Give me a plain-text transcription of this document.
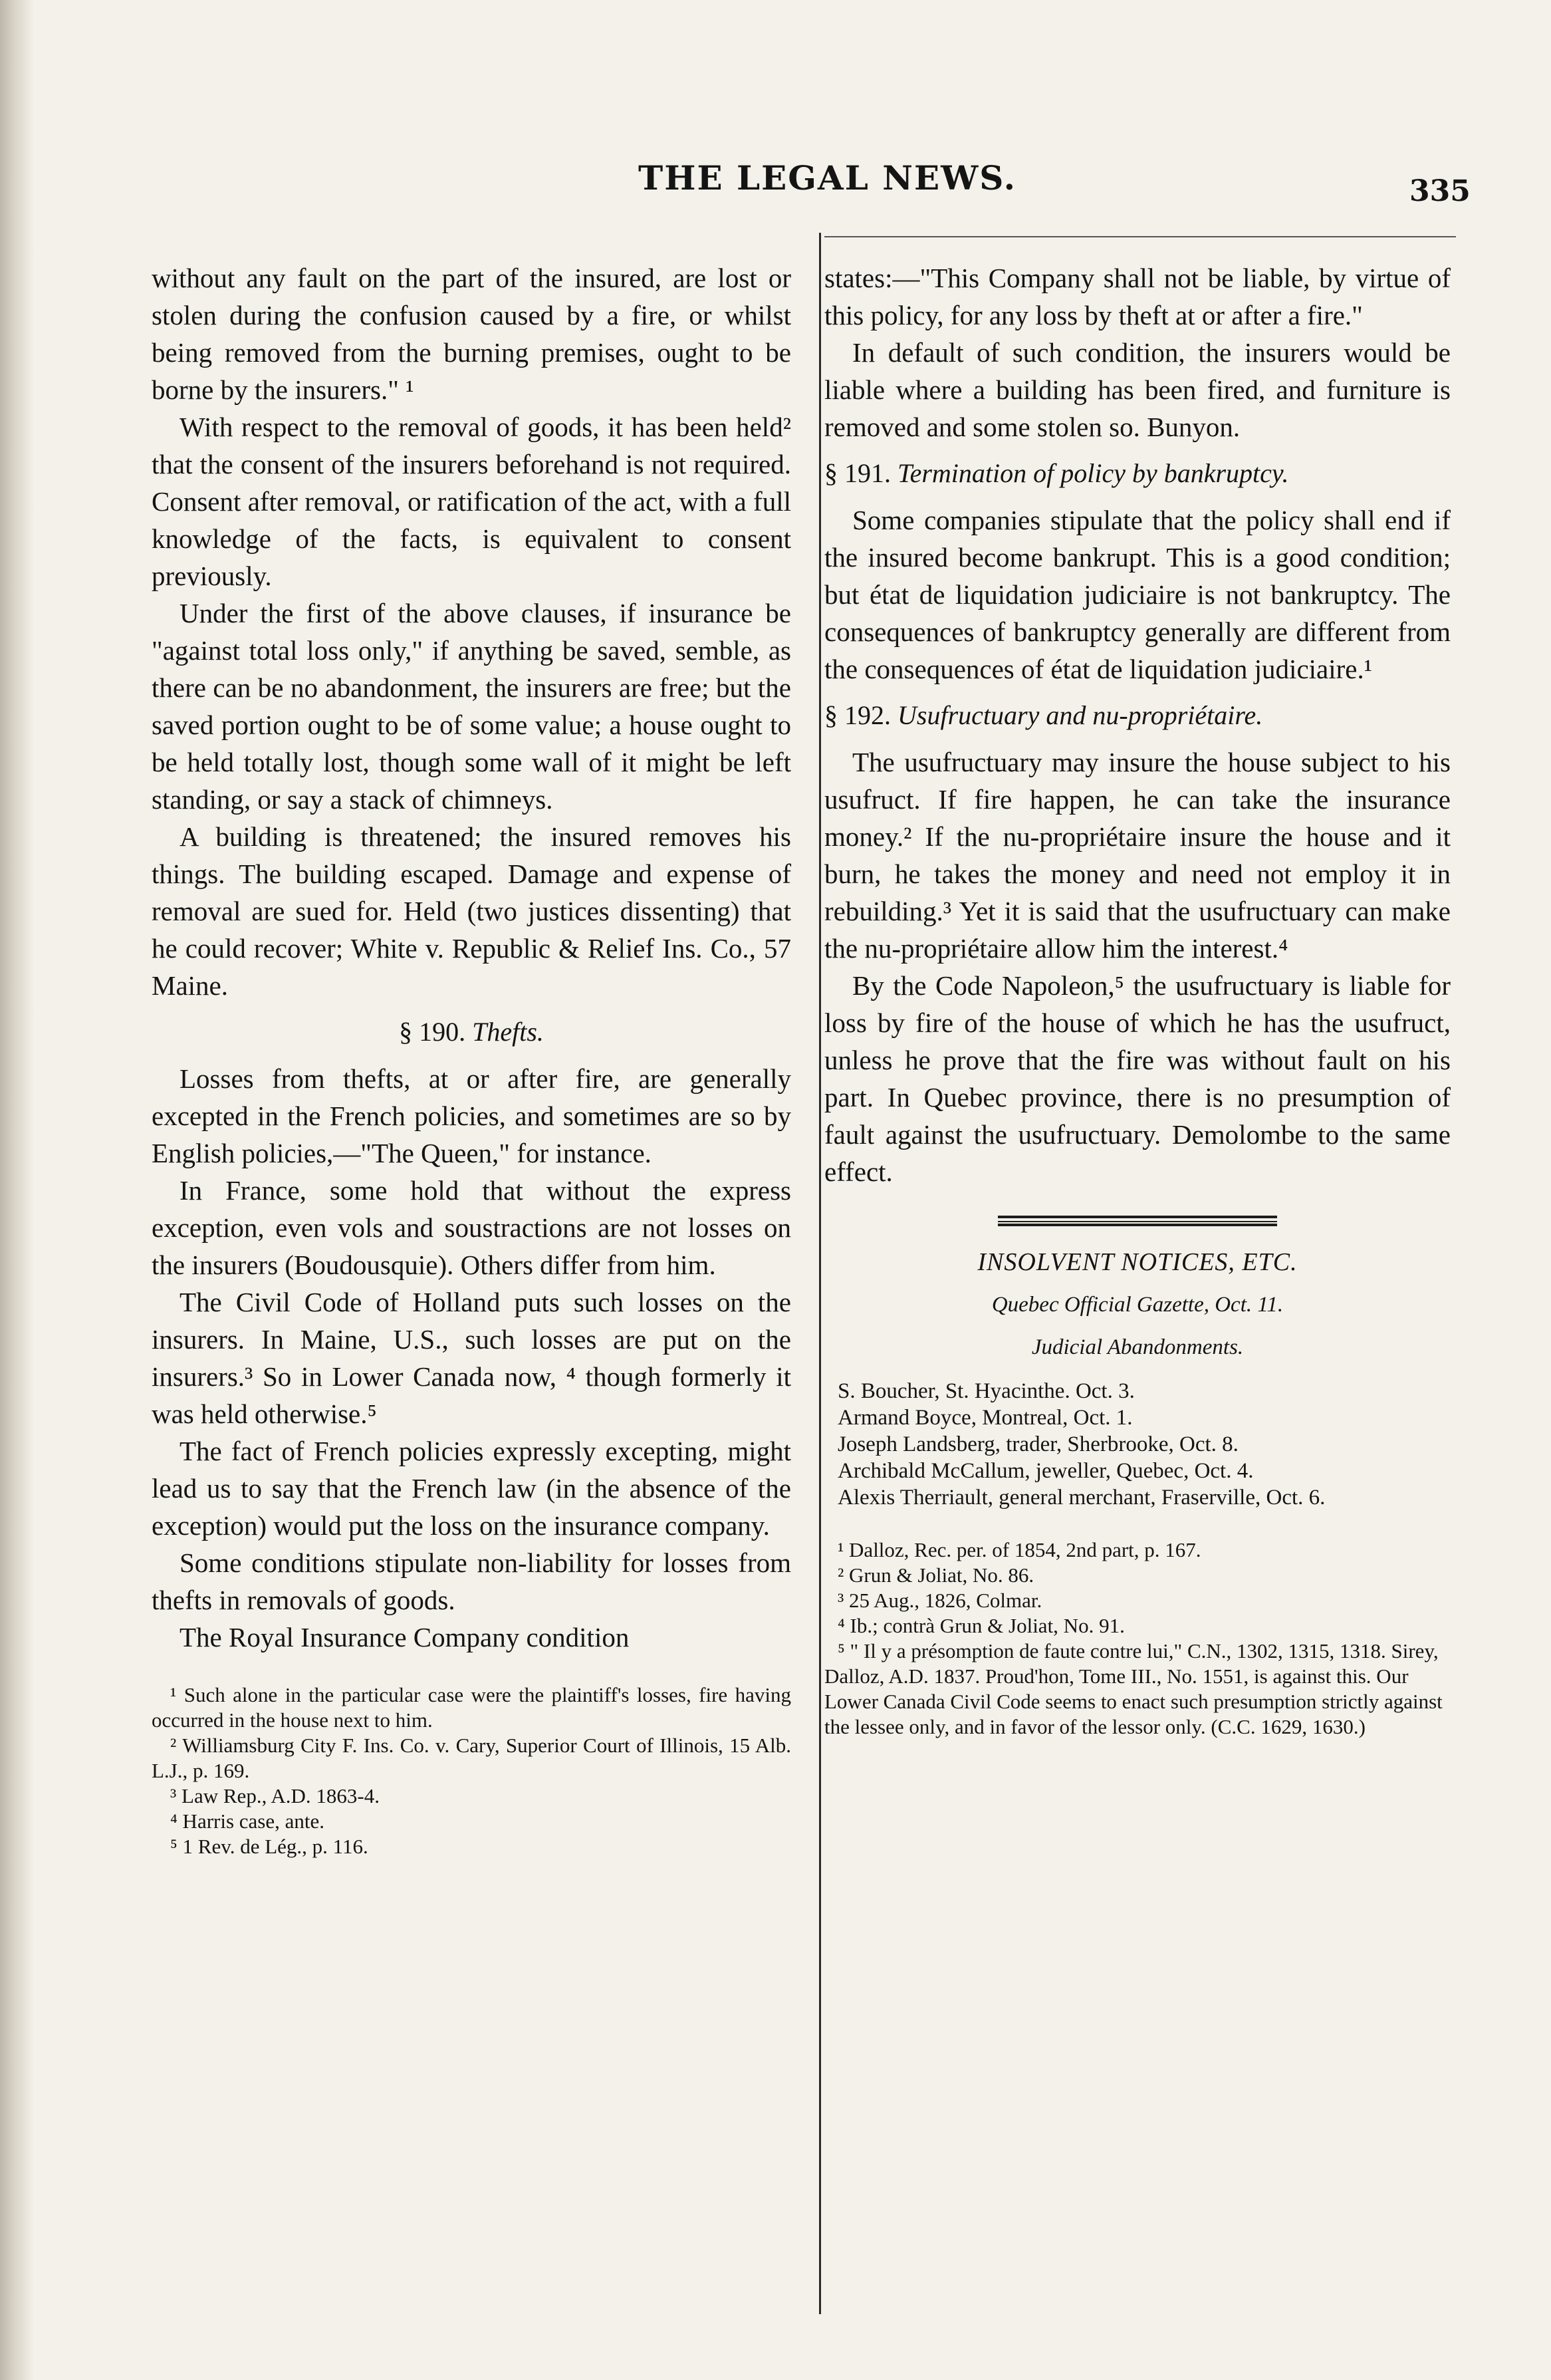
THE LEGAL NEWS.	335

without any fault on the part of the insured, are lost or stolen during the confusion caused by a fire, or whilst being removed from the burning premises, ought to be borne by the insurers." ¹

With respect to the removal of goods, it has been held² that the consent of the insurers beforehand is not required. Consent after removal, or ratification of the act, with a full knowledge of the facts, is equivalent to consent previously.

Under the first of the above clauses, if insurance be "against total loss only," if anything be saved, semble, as there can be no abandonment, the insurers are free; but the saved portion ought to be of some value; a house ought to be held totally lost, though some wall of it might be left standing, or say a stack of chimneys.

A building is threatened; the insured removes his things. The building escaped. Damage and expense of removal are sued for. Held (two justices dissenting) that he could recover; White v. Republic & Relief Ins. Co., 57 Maine.

§ 190. Thefts.

Losses from thefts, at or after fire, are generally excepted in the French policies, and sometimes are so by English policies,—"The Queen," for instance.

In France, some hold that without the express exception, even vols and soustractions are not losses on the insurers (Boudousquie). Others differ from him.

The Civil Code of Holland puts such losses on the insurers. In Maine, U.S., such losses are put on the insurers.³ So in Lower Canada now, ⁴ though formerly it was held otherwise.⁵

The fact of French policies expressly excepting, might lead us to say that the French law (in the absence of the exception) would put the loss on the insurance company.

Some conditions stipulate non-liability for losses from thefts in removals of goods.

The Royal Insurance Company condition

¹ Such alone in the particular case were the plaintiff's losses, fire having occurred in the house next to him.

² Williamsburg City F. Ins. Co. v. Cary, Superior Court of Illinois, 15 Alb. L.J., p. 169.

³ Law Rep., A.D. 1863-4.

⁴ Harris case, ante.

⁵ 1 Rev. de Lég., p. 116.

states:—"This Company shall not be liable, by virtue of this policy, for any loss by theft at or after a fire."

In default of such condition, the insurers would be liable where a building has been fired, and furniture is removed and some stolen so. Bunyon.

§ 191. Termination of policy by bankruptcy.

Some companies stipulate that the policy shall end if the insured become bankrupt. This is a good condition; but état de liquidation judiciaire is not bankruptcy. The consequences of bankruptcy generally are different from the consequences of état de liquidation judiciaire.¹

§ 192. Usufructuary and nu-propriétaire.

The usufructuary may insure the house subject to his usufruct. If fire happen, he can take the insurance money.² If the nu-propriétaire insure the house and it burn, he takes the money and need not employ it in rebuilding.³ Yet it is said that the usufructuary can make the nu-propriétaire allow him the interest.⁴

By the Code Napoleon,⁵ the usufructuary is liable for loss by fire of the house of which he has the usufruct, unless he prove that the fire was without fault on his part. In Quebec province, there is no presumption of fault against the usufructuary. Demolombe to the same effect.

INSOLVENT NOTICES, ETC.
Quebec Official Gazette, Oct. 11.
Judicial Abandonments.

S. Boucher, St. Hyacinthe. Oct. 3.

Armand Boyce, Montreal, Oct. 1.

Joseph Landsberg, trader, Sherbrooke, Oct. 8.

Archibald McCallum, jeweller, Quebec, Oct. 4.

Alexis Therriault, general merchant, Fraserville, Oct. 6.

¹ Dalloz, Rec. per. of 1854, 2nd part, p. 167.

² Grun & Joliat, No. 86.

³ 25 Aug., 1826, Colmar.

⁴ Ib.; contrà Grun & Joliat, No. 91.

⁵ " Il y a présomption de faute contre lui," C.N., 1302, 1315, 1318. Sirey, Dalloz, A.D. 1837. Proud'hon, Tome III., No. 1551, is against this. Our Lower Canada Civil Code seems to enact such presumption strictly against the lessee only, and in favor of the lessor only. (C.C. 1629, 1630.)
